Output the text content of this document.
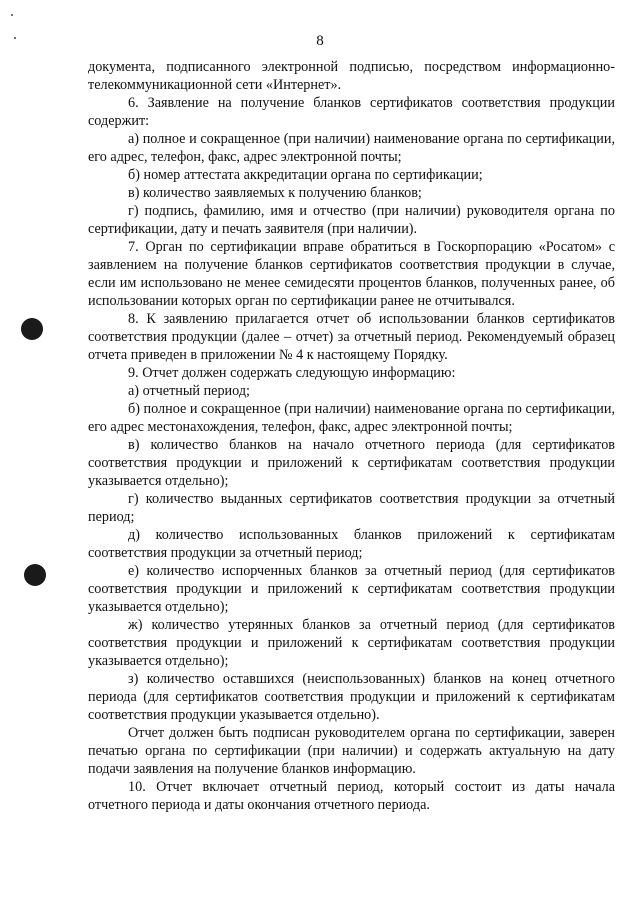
8

документа, подписанного электронной подписью, посредством информационно-телекоммуникационной сети «Интернет».

6. Заявление на получение бланков сертификатов соответствия продукции содержит:

а) полное и сокращенное (при наличии) наименование органа по сертификации, его адрес, телефон, факс, адрес электронной почты;

б) номер аттестата аккредитации органа по сертификации;

в) количество заявляемых к получению бланков;

г) подпись, фамилию, имя и отчество (при наличии) руководителя органа по сертификации, дату и печать заявителя (при наличии).

7. Орган по сертификации вправе обратиться в Госкорпорацию «Росатом» с заявлением на получение бланков сертификатов соответствия продукции в случае, если им использовано не менее семидесяти процентов бланков, полученных ранее, об использовании которых орган по сертификации ранее не отчитывался.

8. К заявлению прилагается отчет об использовании бланков сертификатов соответствия продукции (далее – отчет) за отчетный период. Рекомендуемый образец отчета приведен в приложении № 4 к настоящему Порядку.

9. Отчет должен содержать следующую информацию:

а) отчетный период;

б) полное и сокращенное (при наличии) наименование органа по сертификации, его адрес местонахождения, телефон, факс, адрес электронной почты;

в) количество бланков на начало отчетного периода (для сертификатов соответствия продукции и приложений к сертификатам соответствия продукции указывается отдельно);

г) количество выданных сертификатов соответствия продукции за отчетный период;

д) количество использованных бланков приложений к сертификатам соответствия продукции за отчетный период;

е) количество испорченных бланков за отчетный период (для сертификатов соответствия продукции и приложений к сертификатам соответствия продукции указывается отдельно);

ж) количество утерянных бланков за отчетный период (для сертификатов соответствия продукции и приложений к сертификатам соответствия продукции указывается отдельно);

з) количество оставшихся (неиспользованных) бланков на конец отчетного периода (для сертификатов соответствия продукции и приложений к сертификатам соответствия продукции указывается отдельно).

Отчет должен быть подписан руководителем органа по сертификации, заверен печатью органа по сертификации (при наличии) и содержать актуальную на дату подачи заявления на получение бланков информацию.

10. Отчет включает отчетный период, который состоит из даты начала отчетного периода и даты окончания отчетного периода.
